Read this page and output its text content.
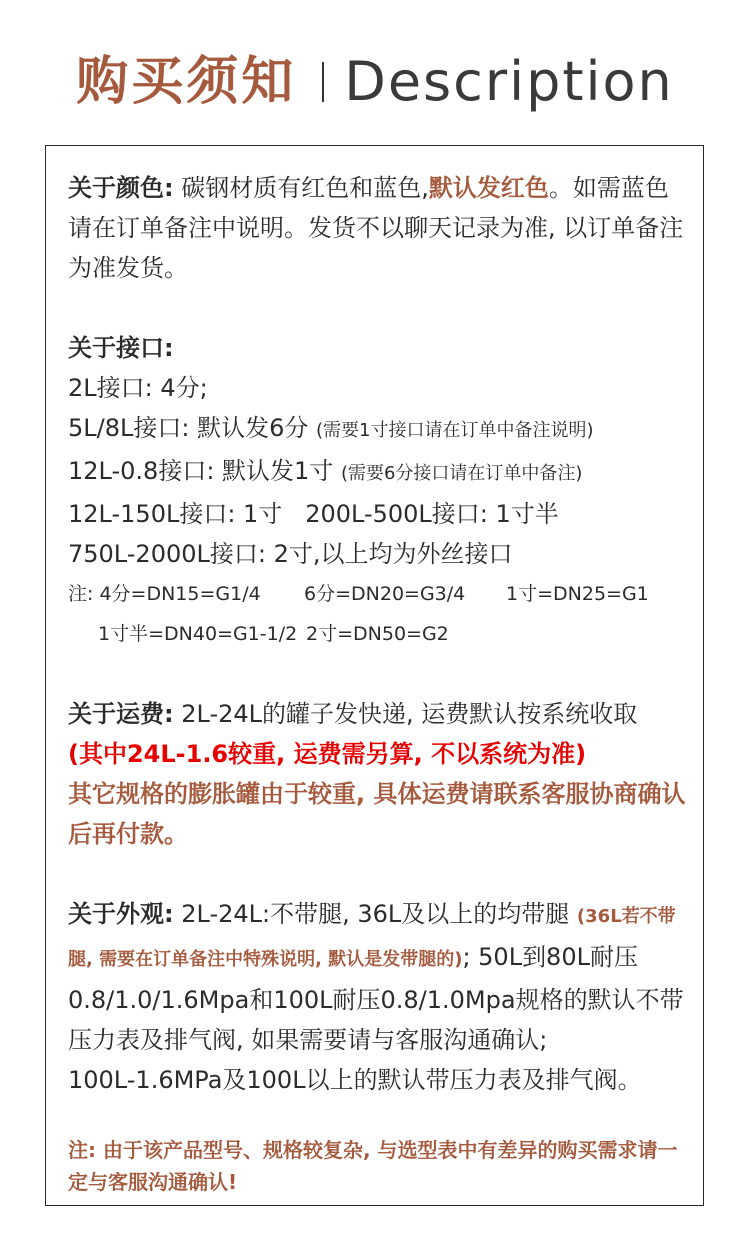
购买须知 Description

关于颜色: 碳钢材质有红色和蓝色,默认发红色。如需蓝色请在订单备注中说明。发货不以聊天记录为准, 以订单备注为准发货。

关于接口:

2L接口: 4分;

5L/8L接口: 默认发6分 (需要1寸接口请在订单中备注说明)

12L-0.8接口: 默认发1寸 (需要6分接口请在订单中备注)

12L-150L接口: 1寸   200L-500L接口: 1寸半

750L-2000L接口: 2寸,以上均为外丝接口

注: 4分=DN15=G1/4 6分=DN20=G3/4 1寸=DN25=G1

1寸半=DN40=G1-1/2 2寸=DN50=G2

关于运费: 2L-24L的罐子发快递, 运费默认按系统收取

(其中24L-1.6较重, 运费需另算, 不以系统为准)

其它规格的膨胀罐由于较重, 具体运费请联系客服协商确认后再付款。

关于外观: 2L-24L:不带腿, 36L及以上的均带腿 (36L若不带腿, 需要在订单备注中特殊说明, 默认是发带腿的); 50L到80L耐压0.8/1.0/1.6Mpa和100L耐压0.8/1.0Mpa规格的默认不带压力表及排气阀, 如果需要请与客服沟通确认;

100L-1.6MPa及100L以上的默认带压力表及排气阀。

注: 由于该产品型号、规格较复杂, 与选型表中有差异的购买需求请一定与客服沟通确认!
